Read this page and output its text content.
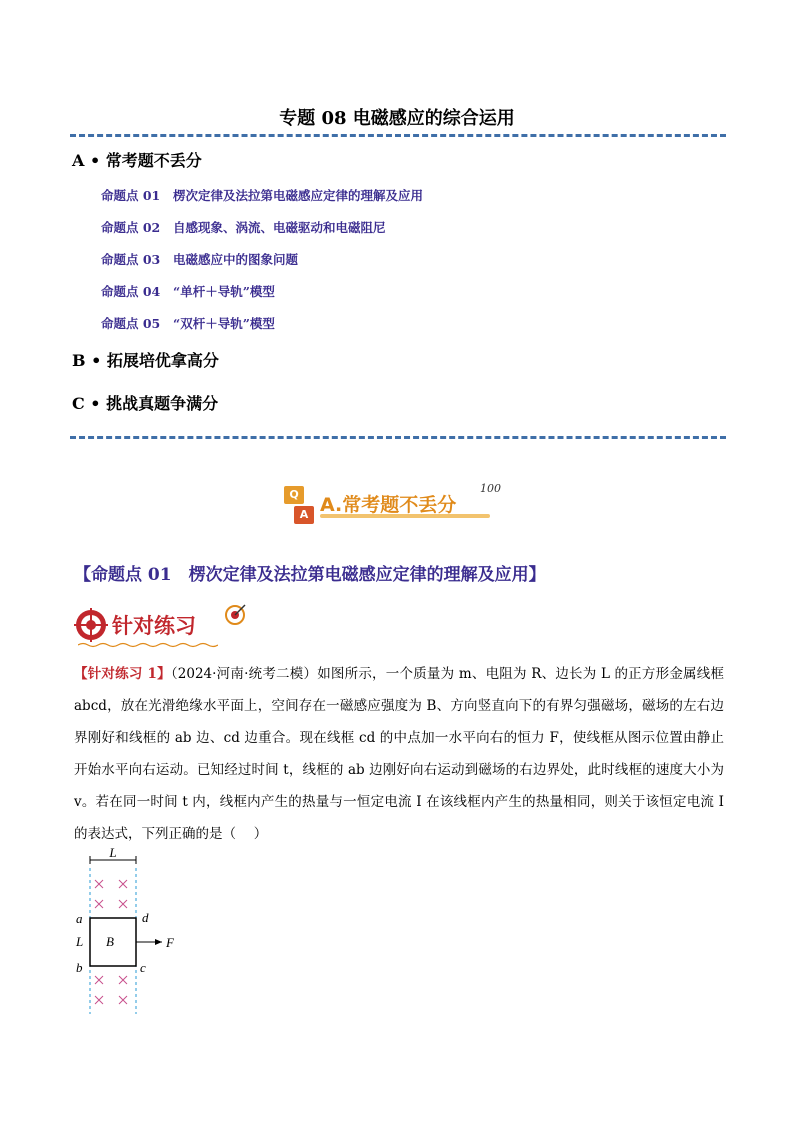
专题 08 电磁感应的综合运用
A • 常考题不丢分
命题点 01 楞次定律及法拉第电磁感应定律的理解及应用
命题点 02 自感现象、涡流、电磁驱动和电磁阻尼
命题点 03 电磁感应中的图象问题
命题点 04 “单杆＋导轨”模型
命题点 05 “双杆＋导轨”模型
B • 拓展培优拿高分
C • 挑战真题争满分
Q
A A.常考题不丢分
100
【命题点 01　楞次定律及法拉第电磁感应定律的理解及应用】
针对练习
【针对练习 1】（2024·河南·统考二模）如图所示，一个质量为 m、电阻为 R、边长为 L 的正方形金属线框 abcd，放在光滑绝缘水平面上，空间存在一磁感应强度为 B、方向竖直向下的有界匀强磁场，磁场的左右边界刚好和线框的 ab 边、cd 边重合。现在线框 cd 的中点加一水平向右的恒力 F，使线框从图示位置由静止开始水平向右运动。已知经过时间 t，线框的 ab 边刚好向右运动到磁场的右边界处，此时线框的速度大小为 v。若在同一时间 t 内，线框内产生的热量与一恒定电流 I 在该线框内产生的热量相同，则关于该恒定电流 I 的表达式，下列正确的是（　 ）
L
B
a
L
b
d
c
F
